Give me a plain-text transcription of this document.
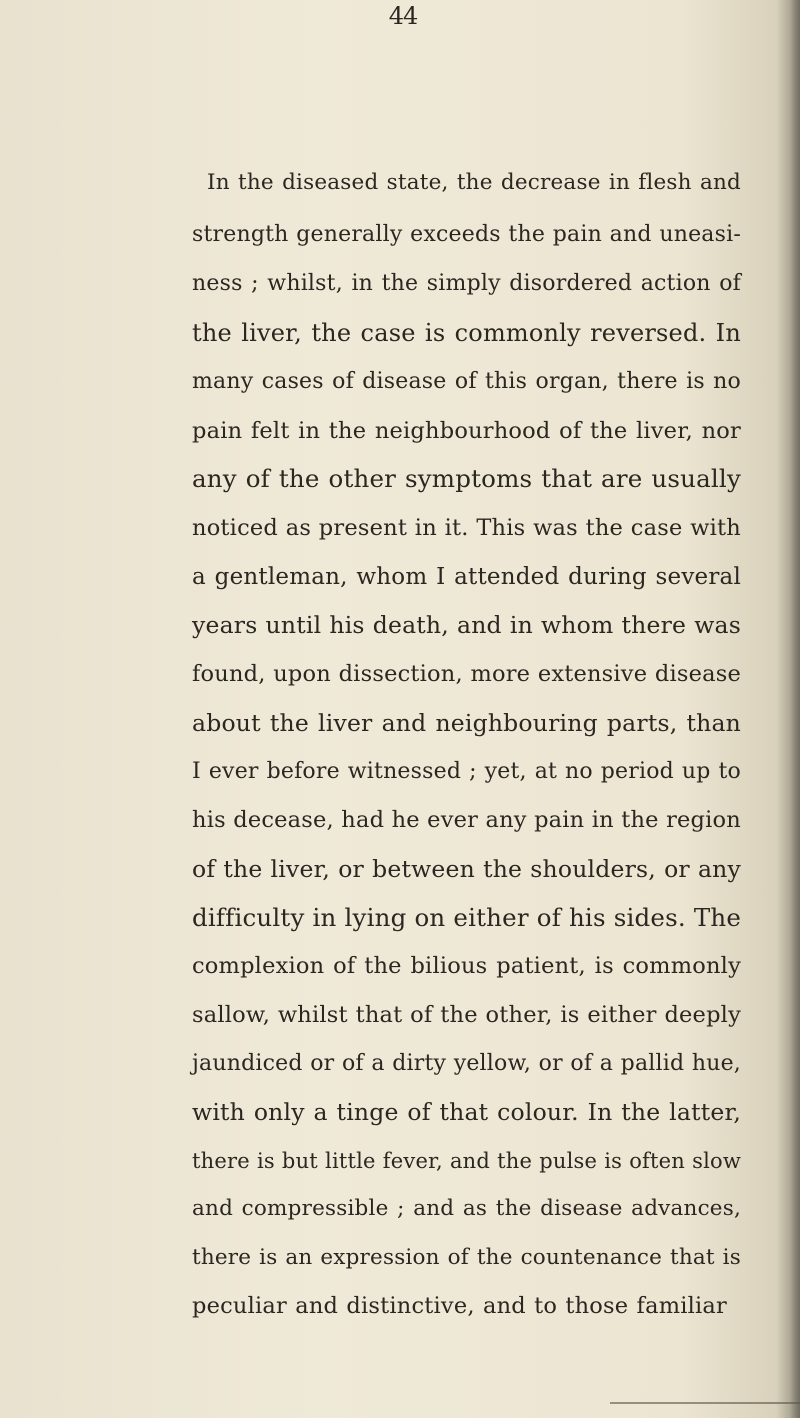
44
In the diseased state, the decrease in flesh and
strength generally exceeds the pain and uneasi-
ness ; whilst, in the simply disordered action of
the liver, the case is commonly reversed. In
many cases of disease of this organ, there is no
pain felt in the neighbourhood of the liver, nor
any of the other symptoms that are usually
noticed as present in it. This was the case with
a gentleman, whom I attended during several
years until his death, and in whom there was
found, upon dissection, more extensive disease
about the liver and neighbouring parts, than
I ever before witnessed ; yet, at no period up to
his decease, had he ever any pain in the region
of the liver, or between the shoulders, or any
difficulty in lying on either of his sides. The
complexion of the bilious patient, is commonly
sallow, whilst that of the other, is either deeply
jaundiced or of a dirty yellow, or of a pallid hue,
with only a tinge of that colour. In the latter,
there is but little fever, and the pulse is often slow
and compressible ; and as the disease advances,
there is an expression of the countenance that is
peculiar and distinctive, and to those familiar
